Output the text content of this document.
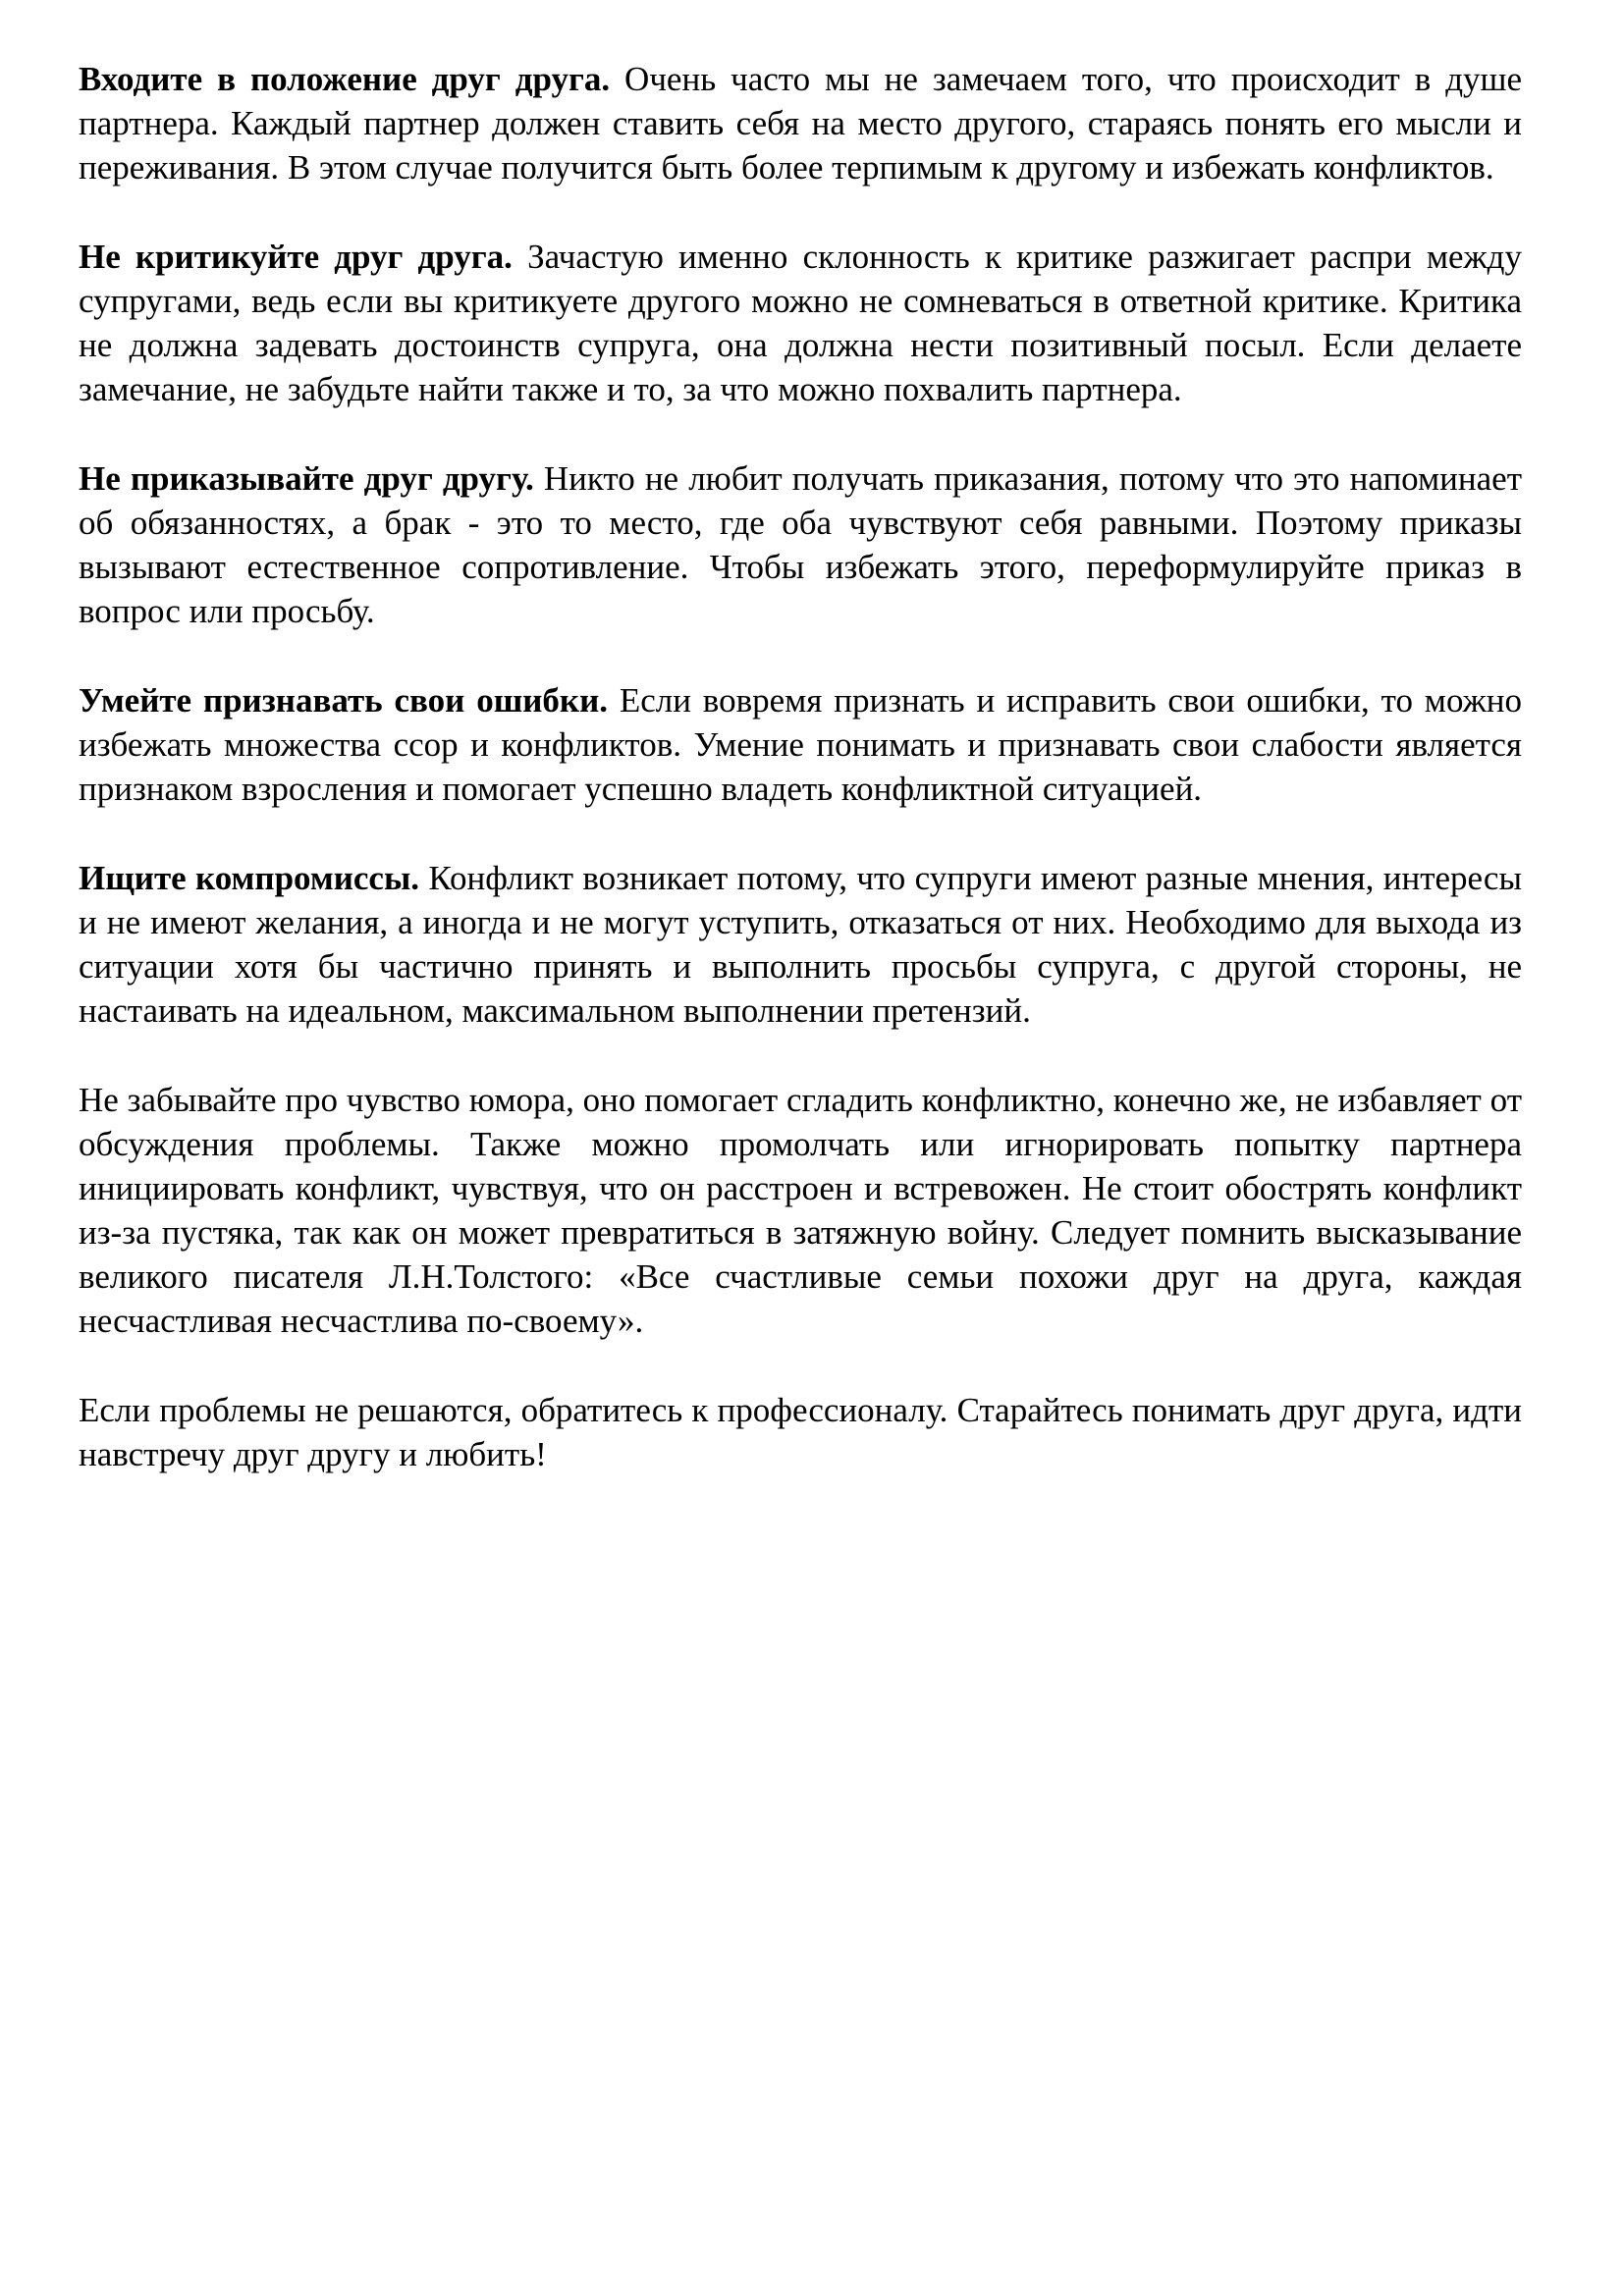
Входите в положение друг друга. Очень часто мы не замечаем того, что происходит в душе партнера. Каждый партнер должен ставить себя на место другого, стараясь понять его мысли и переживания. В этом случае получится быть более терпимым к другому и избежать конфликтов.

Не критикуйте друг друга. Зачастую именно склонность к критике разжигает распри между супругами, ведь если вы критикуете другого можно не сомневаться в ответной критике. Критика не должна задевать достоинств супруга, она должна нести позитивный посыл. Если делаете замечание, не забудьте найти также и то, за что можно похвалить партнера.

Не приказывайте друг другу. Никто не любит получать приказания, потому что это напоминает об обязанностях, а брак - это то место, где оба чувствуют себя равными. Поэтому приказы вызывают естественное сопротивление. Чтобы избежать этого, переформулируйте приказ в вопрос или просьбу.

Умейте признавать свои ошибки. Если вовремя признать и исправить свои ошибки, то можно избежать множества ссор и конфликтов. Умение понимать и признавать свои слабости является признаком взросления и помогает успешно владеть конфликтной ситуацией.

Ищите компромиссы. Конфликт возникает потому, что супруги имеют разные мнения, интересы и не имеют желания, а иногда и не могут уступить, отказаться от них. Необходимо для выхода из ситуации хотя бы частично принять и выполнить просьбы супруга, с другой стороны, не настаивать на идеальном, максимальном выполнении претензий.

Не забывайте про чувство юмора, оно помогает сгладить конфликтно, конечно же, не избавляет от обсуждения проблемы. Также можно промолчать или игнорировать попытку партнера инициировать конфликт, чувствуя, что он расстроен и встревожен. Не стоит обострять конфликт из-за пустяка, так как он может превратиться в затяжную войну. Следует помнить высказывание великого писателя Л.Н.Толстого: «Все счастливые семьи похожи друг на друга, каждая несчастливая несчастлива по-своему».

Если проблемы не решаются, обратитесь к профессионалу. Старайтесь понимать друг друга, идти навстречу друг другу и любить!
